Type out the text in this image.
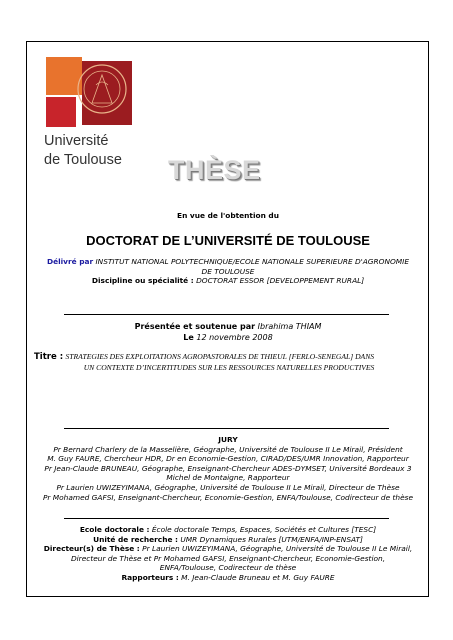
Université
de Toulouse THÈSE
En vue de l'obtention du
DOCTORAT DE L’UNIVERSITÉ DE TOULOUSE
Délivré par INSTITUT NATIONAL POLYTECHNIQUE/ECOLE NATIONALE SUPERIEURE D'AGRONOMIE
DE TOULOUSE
Discipline ou spécialité : DOCTORAT ESSOR [DEVELOPPEMENT RURAL]
Présentée et soutenue par Ibrahima THIAM
Le 12 novembre 2008
Titre : STRATEGIES DES EXPLOITATIONS AGROPASTORALES DE THIEUL [FERLO-SENEGAL] DANS
UN CONTEXTE D’INCERTITUDES SUR LES RESSOURCES NATURELLES PRODUCTIVES
JURY
Pr Bernard Charlery de la Masselière, Géographe, Université de Toulouse II Le Mirail, Président
M. Guy FAURE, Chercheur HDR, Dr en Economie-Gestion, CIRAD/DES/UMR Innovation, Rapporteur
Pr Jean-Claude BRUNEAU, Géographe, Enseignant-Chercheur ADES-DYMSET, Université Bordeaux 3
Michel de Montaigne, Rapporteur
Pr Laurien UWIZEYIMANA, Géographe, Université de Toulouse II Le Mirail, Directeur de Thèse
Pr Mohamed GAFSI, Enseignant-Chercheur, Economie-Gestion, ENFA/Toulouse, Codirecteur de thèse
Ecole doctorale : École doctorale Temps, Espaces, Sociétés et Cultures [TESC]
Unité de recherche : UMR Dynamiques Rurales [UTM/ENFA/INP-ENSAT]
Directeur(s) de Thèse : Pr Laurien UWIZEYIMANA, Géographe, Université de Toulouse II Le Mirail,
Directeur de Thèse et Pr Mohamed GAFSI, Enseignant-Chercheur, Economie-Gestion,
ENFA/Toulouse, Codirecteur de thèse
Rapporteurs : M. Jean-Claude Bruneau et M. Guy FAURE
